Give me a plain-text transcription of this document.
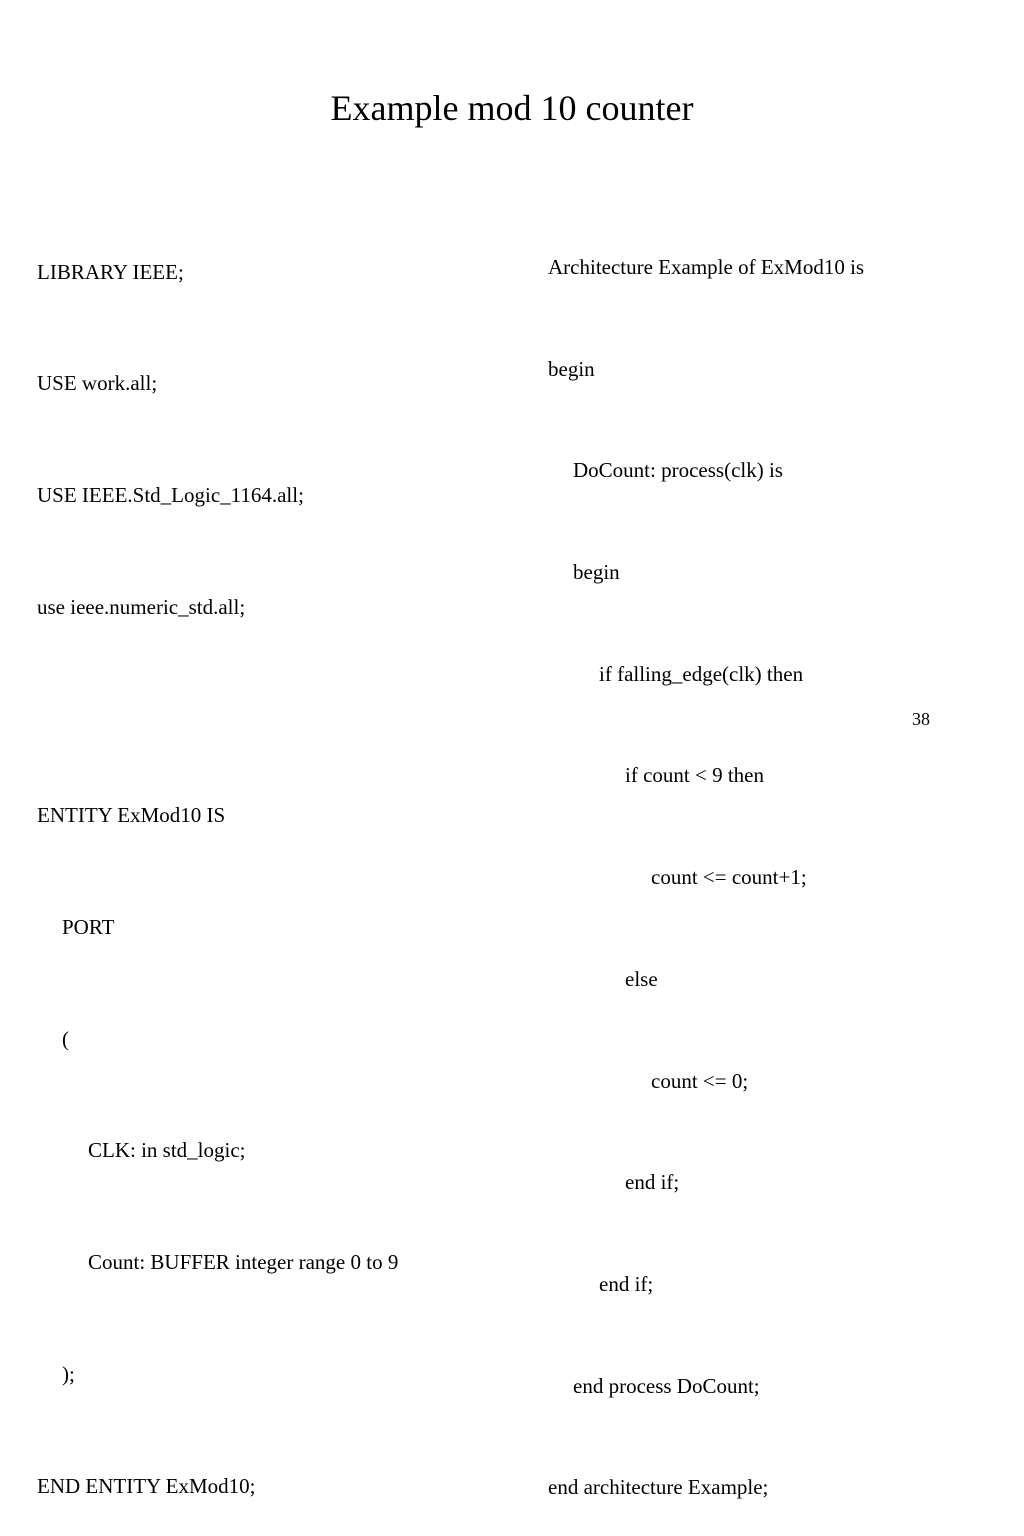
Example mod 10 counter

LIBRARY IEEE;

USE work.all;

USE IEEE.Std_Logic_1164.all;

use ieee.numeric_std.all;

ENTITY ExMod10 IS

PORT

(

CLK: in std_logic;

Count: BUFFER integer range 0 to 9

);

END ENTITY ExMod10;

Architecture Example of ExMod10 is

begin

DoCount: process(clk) is

begin

if falling_edge(clk) then

if count < 9 then

count <= count+1;

else

count <= 0;

end if;

end if;

end process DoCount;

end architecture Example;

38
